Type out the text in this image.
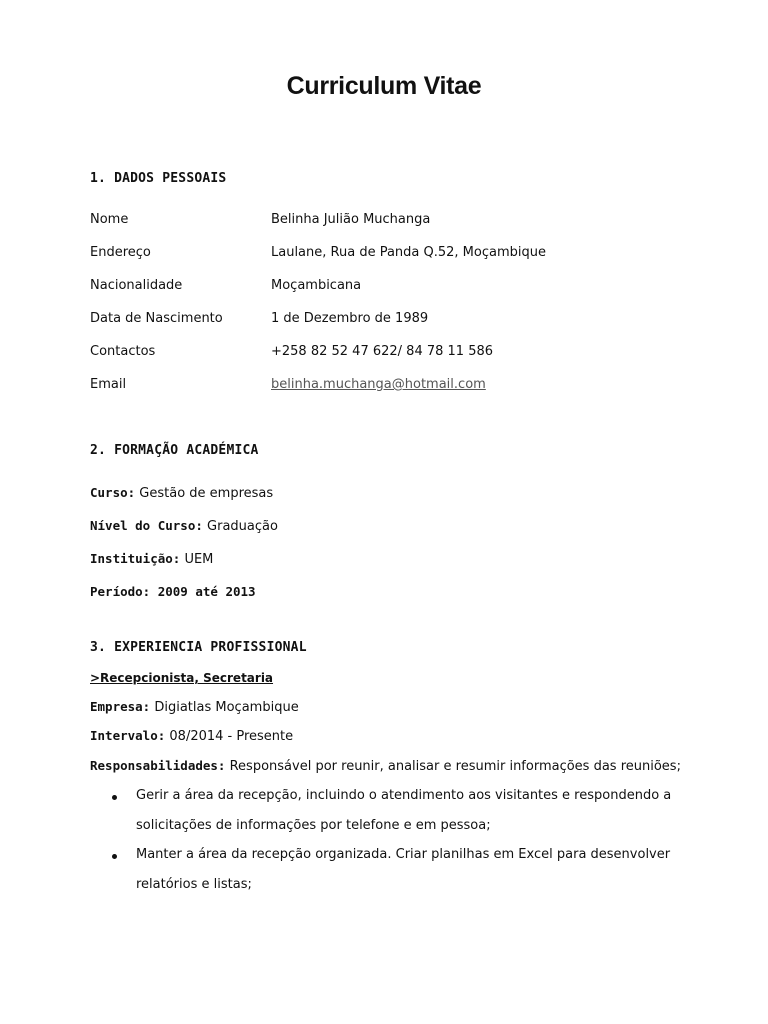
Curriculum Vitae
1. DADOS PESSOAIS
Nome	Belinha Julião Muchanga
Endereço	Laulane, Rua de Panda Q.52, Moçambique
Nacionalidade	Moçambicana
Data de Nascimento	1 de Dezembro de 1989
Contactos	+258 82 52 47 622/ 84 78 11 586
Email	belinha.muchanga@hotmail.com
2. FORMAÇÃO ACADÉMICA
Curso: Gestão de empresas
Nível do Curso: Graduação
Instituição: UEM
Período: 2009 até 2013
3. EXPERIENCIA PROFISSIONAL
>Recepcionista, Secretaria
Empresa: Digiatlas Moçambique
Intervalo: 08/2014 - Presente
Responsabilidades: Responsável por reunir, analisar e resumir informações das reuniões;
Gerir a área da recepção, incluindo o atendimento aos visitantes e respondendo a
solicitações de informações por telefone e em pessoa;
Manter a área da recepção organizada. Criar planilhas em Excel para desenvolver
relatórios e listas;
